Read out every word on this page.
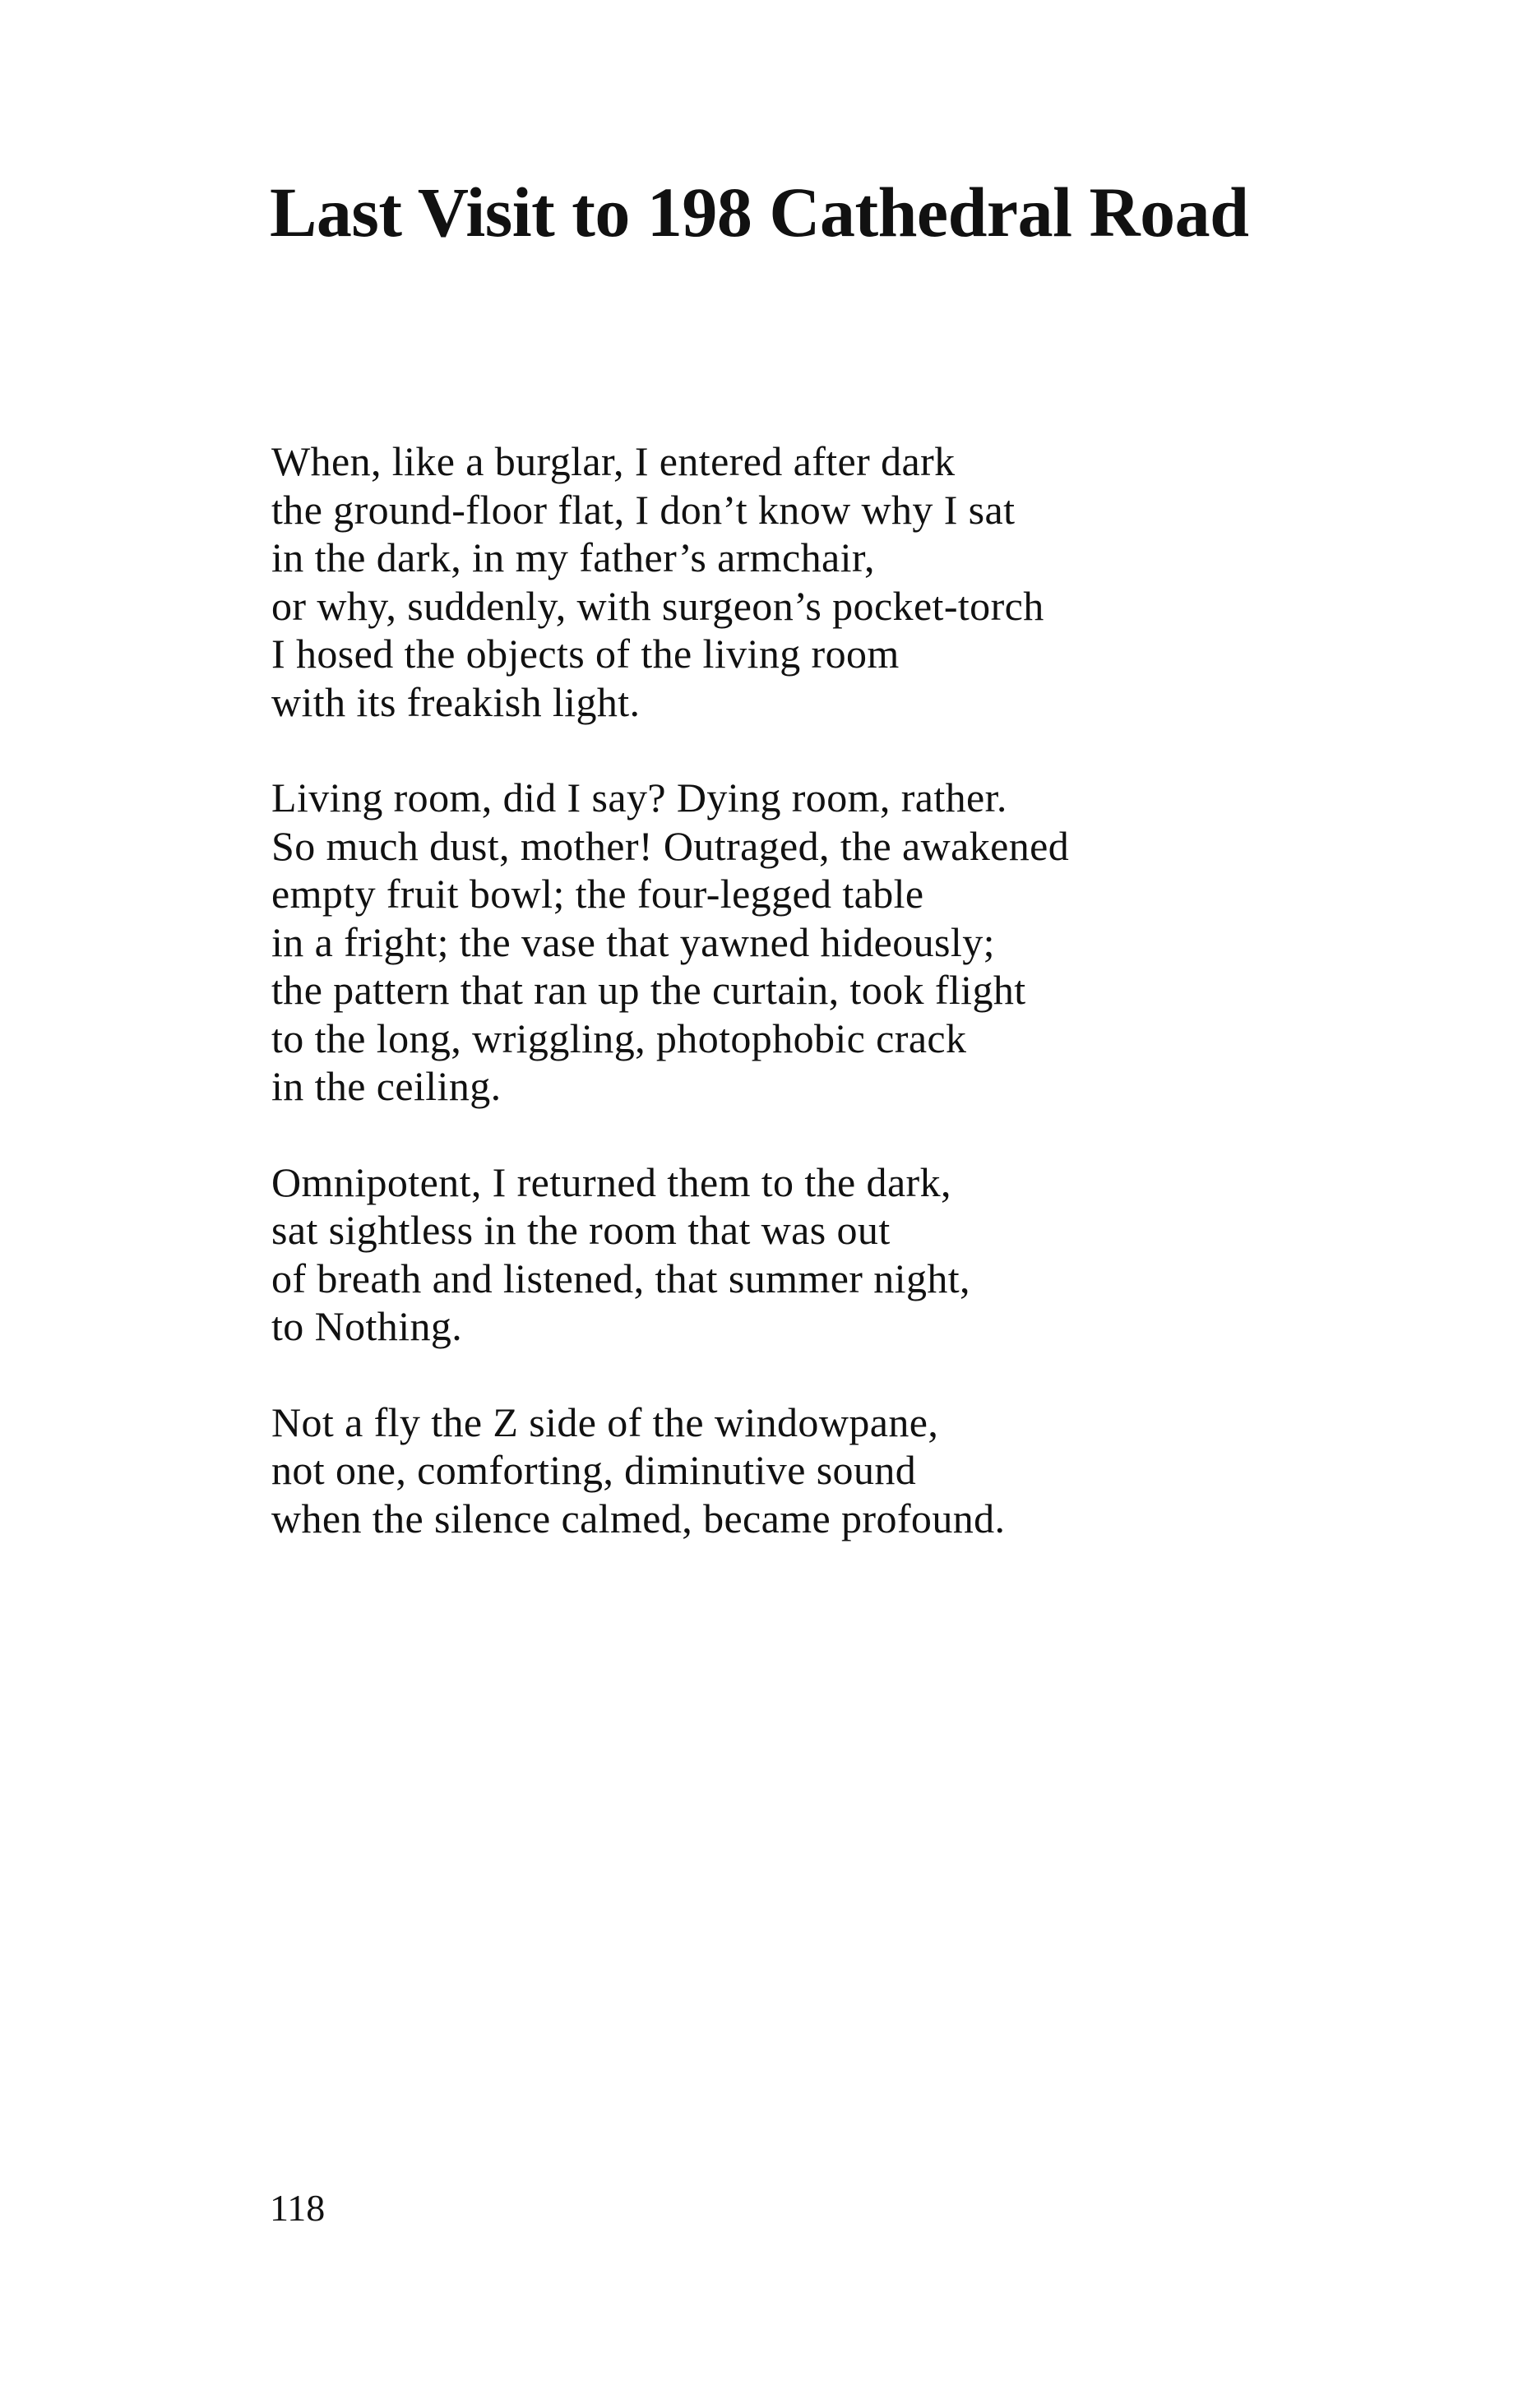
Last Visit to 198 Cathedral Road
When, like a burglar, I entered after dark
the ground-floor flat, I don’t know why I sat
in the dark, in my father’s armchair,
or why, suddenly, with surgeon’s pocket-torch
I hosed the objects of the living room
with its freakish light.
Living room, did I say? Dying room, rather.
So much dust, mother! Outraged, the awakened
empty fruit bowl; the four-legged table
in a fright; the vase that yawned hideously;
the pattern that ran up the curtain, took flight
to the long, wriggling, photophobic crack
in the ceiling.
Omnipotent, I returned them to the dark,
sat sightless in the room that was out
of breath and listened, that summer night,
to Nothing.
Not a fly the Z side of the windowpane,
not one, comforting, diminutive sound
when the silence calmed, became profound.
118
